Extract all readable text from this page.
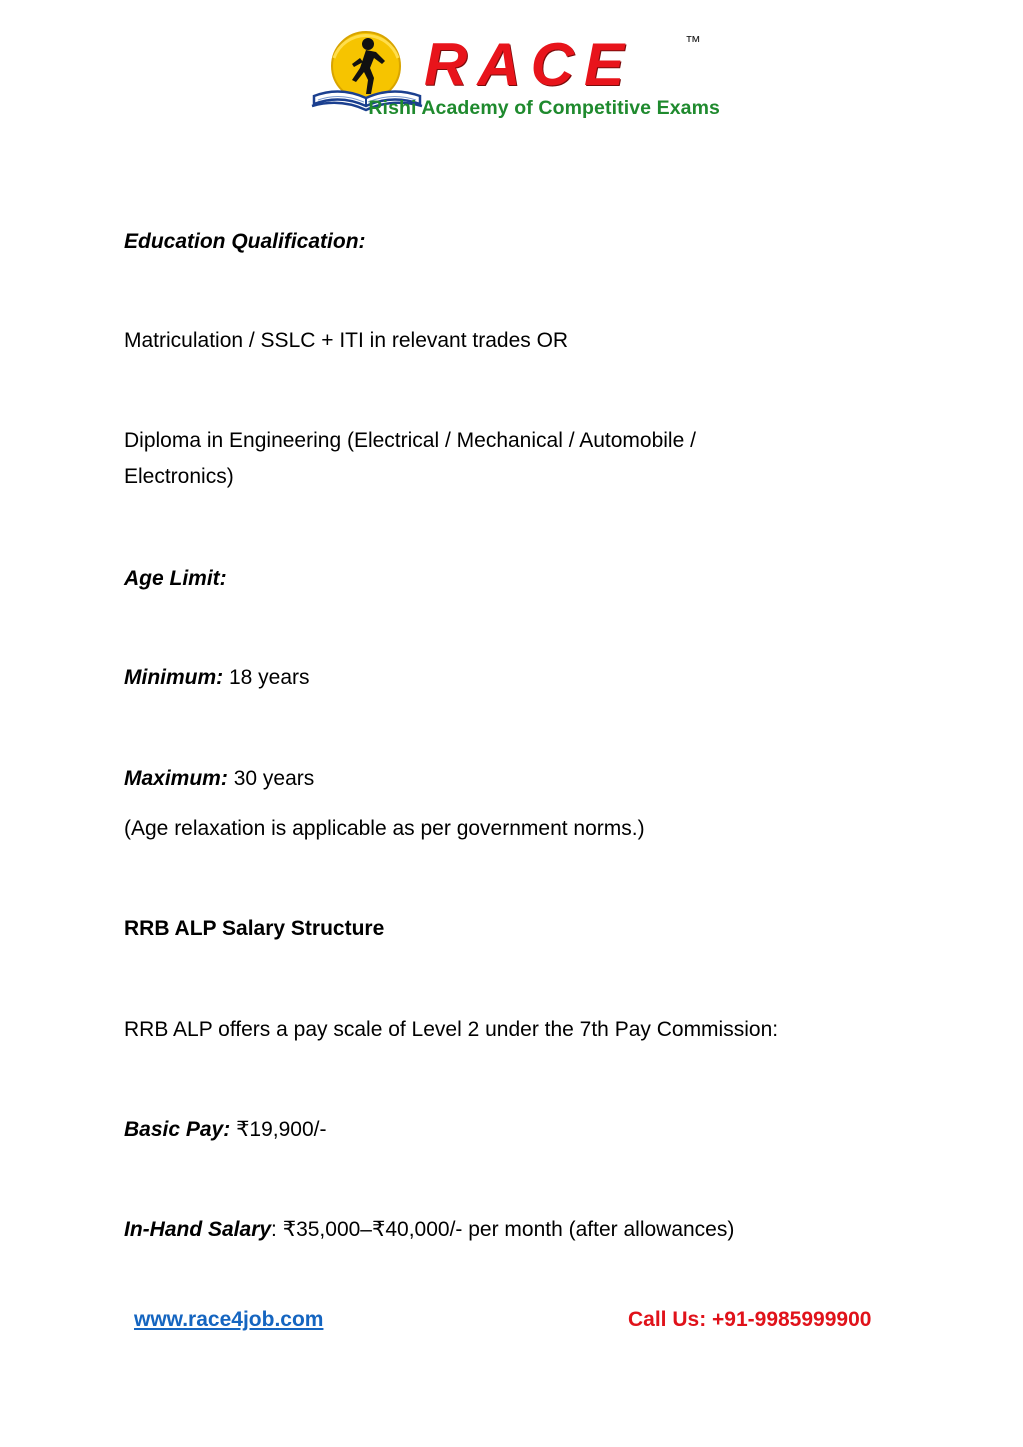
RACE	™
Rishi Academy of Competitive Exams
Education Qualification:
Matriculation / SSLC + ITI in relevant trades OR
Diploma in Engineering (Electrical / Mechanical / Automobile /
Electronics)
Age Limit:
Minimum: 18 years
Maximum: 30 years
(Age relaxation is applicable as per government norms.)
RRB ALP Salary Structure
RRB ALP offers a pay scale of Level 2 under the 7th Pay Commission:
Basic Pay: ₹19,900/-
In-Hand Salary: ₹35,000–₹40,000/- per month (after allowances)
www.race4job.com	Call Us: +91-9985999900
